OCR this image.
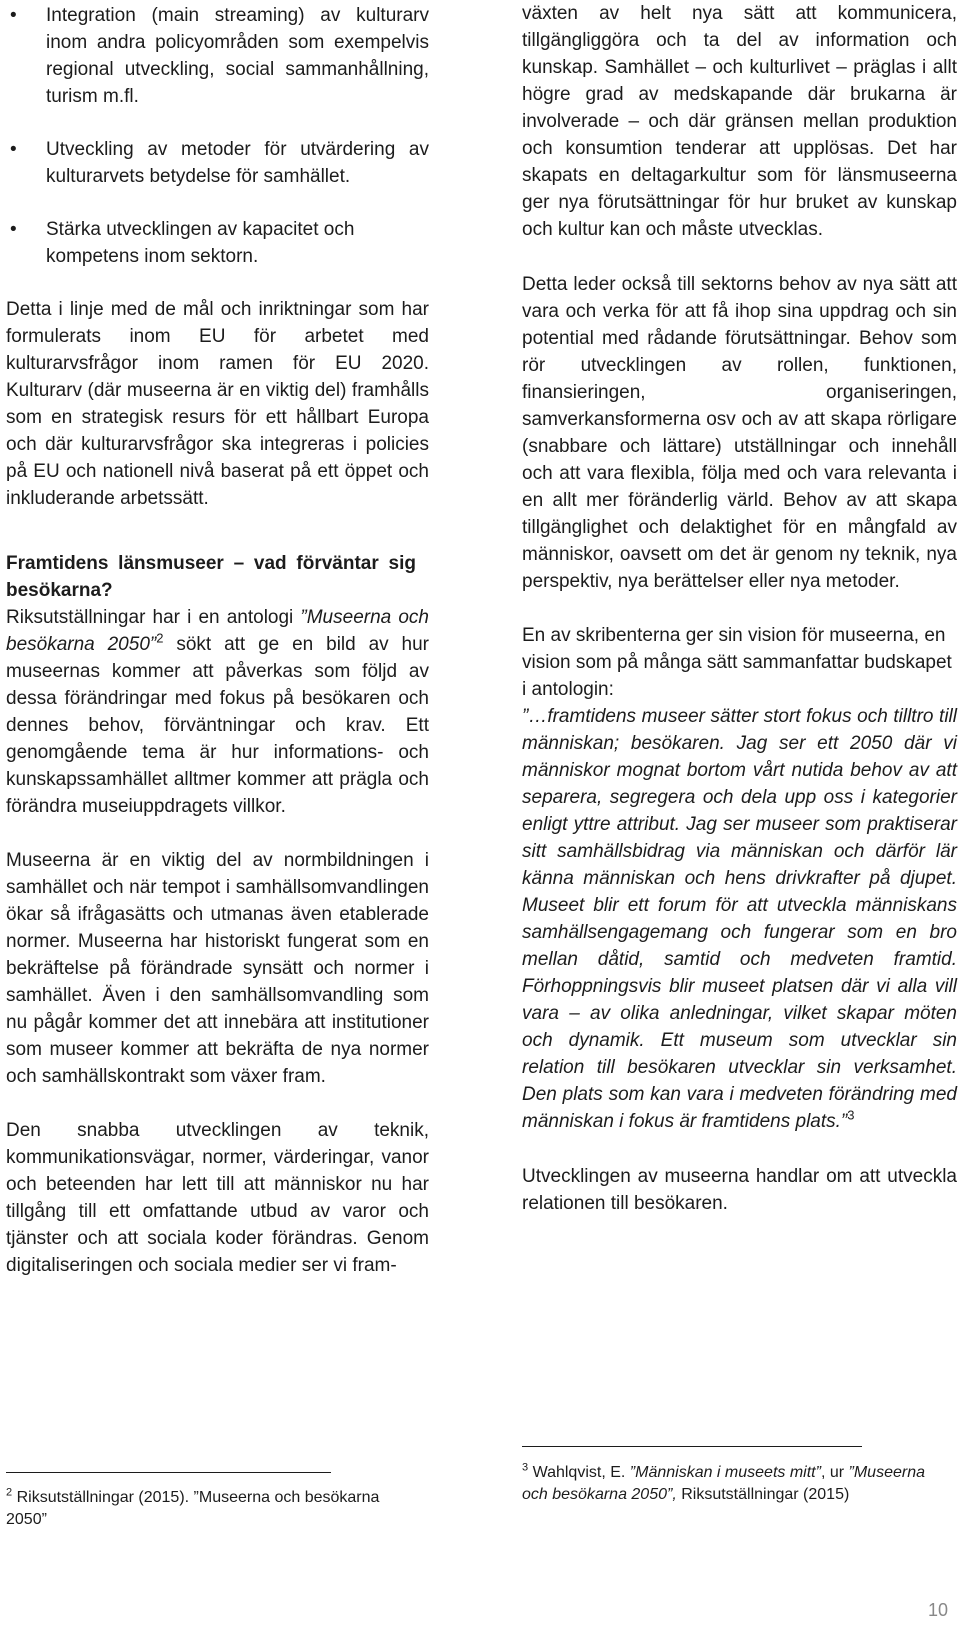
• Integration (main streaming) av kulturarv inom andra policyområden som exempelvis regional utveckling, social sammanhållning, turism m.fl.
• Utveckling av metoder för utvärdering av kulturarvets betydelse för samhället.
• Stärka utvecklingen av kapacitet och kompetens inom sektorn.

Detta i linje med de mål och inriktningar som har formulerats inom EU för arbetet med kulturarvsfrågor inom ramen för EU 2020. Kulturarv (där museerna är en viktig del) framhålls som en strategisk resurs för ett hållbart Europa och där kulturarvsfrågor ska integreras i policies på EU och nationell nivå baserat på ett öppet och inkluderande arbetssätt.

Framtidens länsmuseer – vad förväntar sig besökarna?

Riksutställningar har i en antologi ”Museerna och besökarna 2050”$^2$ sökt att ge en bild av hur museernas kommer att påverkas som följd av dessa förändringar med fokus på besökaren och dennes behov, förväntningar och krav. Ett genomgående tema är hur informations- och kunskapssamhället alltmer kommer att prägla och förändra museiuppdragets villkor.

Museerna är en viktig del av normbildningen i samhället och när tempot i samhällsomvandlingen ökar så ifrågasätts och utmanas även etablerade normer. Museerna har historiskt fungerat som en bekräftelse på förändrade synsätt och normer i samhället. Även i den samhällsomvandling som nu pågår kommer det att innebära att institutioner som museer kommer att bekräfta de nya normer och samhällskontrakt som växer fram.

Den snabba utvecklingen av teknik, kommunikationsvägar, normer, värderingar, vanor och beteenden har lett till att människor nu har tillgång till ett omfattande utbud av varor och tjänster och att sociala koder förändras. Genom digitaliseringen och sociala medier ser vi fram-

$^2$ Riksutställningar (2015). ”Museerna och besökarna 2050”

växten av helt nya sätt att kommunicera, tillgängliggöra och ta del av information och kunskap. Samhället – och kulturlivet – präglas i allt högre grad av medskapande där brukarna är involverade – och där gränsen mellan produktion och konsumtion tenderar att upplösas. Det har skapats en deltagarkultur som för länsmuseerna ger nya förutsättningar för hur bruket av kunskap och kultur kan och måste utvecklas.

Detta leder också till sektorns behov av nya sätt att vara och verka för att få ihop sina uppdrag och sin potential med rådande förutsättningar. Behov som rör utvecklingen av rollen, funktionen, finansieringen, organiseringen, samverkansformerna osv och av att skapa rörligare (snabbare och lättare) utställningar och innehåll och att vara flexibla, följa med och vara relevanta i en allt mer föränderlig värld. Behov av att skapa tillgänglighet och delaktighet för en mångfald av människor, oavsett om det är genom ny teknik, nya perspektiv, nya berättelser eller nya metoder.

En av skribenterna ger sin vision för museerna, en vision som på många sätt sammanfattar budskapet i antologin:

”…framtidens museer sätter stort fokus och tilltro till människan; besökaren. Jag ser ett 2050 där vi människor mognat bortom vårt nutida behov av att separera, segregera och dela upp oss i kategorier enligt yttre attribut. Jag ser museer som praktiserar sitt samhällsbidrag via människan och därför lär känna människan och hens drivkrafter på djupet. Museet blir ett forum för att utveckla människans samhällsengagemang och fungerar som en bro mellan dåtid, samtid och medveten framtid. Förhoppningsvis blir museet platsen där vi alla vill vara – av olika anledningar, vilket skapar möten och dynamik. Ett museum som utvecklar sin relation till besökaren utvecklar sin verksamhet. Den plats som kan vara i medveten förändring med människan i fokus är framtidens plats.”$^3$

Utvecklingen av museerna handlar om att utveckla relationen till besökaren.

$^3$ Wahlqvist, E. ”Människan i museets mitt”, ur ”Museerna och besökarna 2050”, Riksutställningar (2015)
10
